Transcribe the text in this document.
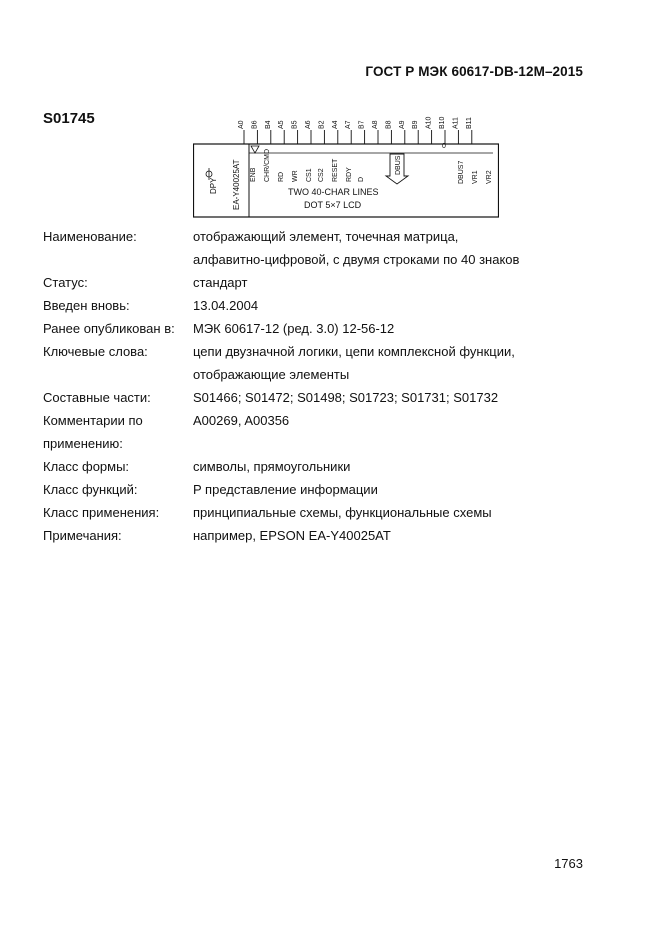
ГОСТ Р МЭК 60617-DB-12М–2015
S01745	A0 B6 B4 A5 B5 A6 B2 A4 A7 B7 A8 B8 A9 B9 A10 B10 A11 B11
ENB CHR/CMD RD WR CS1 CS2 RESET RDY D	DBUS7 VR1 VR2
DPY EA-Y40025AT	DBUS
0
TWO 40-CHAR LINES
DOT 5×7 LCD
Наименование:	отображающий элемент, точечная матрица,
алфавитно-цифровой, с двумя строками по 40 знаков
Статус:	стандарт
Введен вновь:	13.04.2004
Ранее опубликован в:	МЭК 60617-12 (ред. 3.0) 12-56-12
Ключевые слова:	цепи двузначной логики, цепи комплексной функции,
отображающие элементы
Составные части:	S01466; S01472; S01498; S01723; S01731; S01732
Комментарии по применению:
A00269, A00356

Класс формы:	символы, прямоугольники
Класс функций:	P представление информации
Класс применения:	принципиальные схемы, функциональные схемы
Примечания:	например, EPSON EA-Y40025AT
1763
